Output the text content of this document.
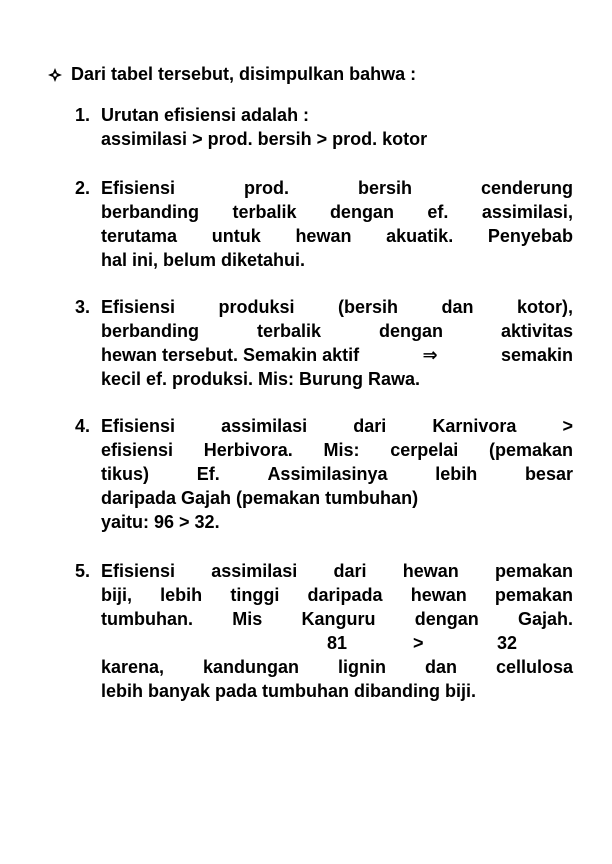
Dari tabel tersebut, disimpulkan bahwa :
1. Urutan efisiensi adalah :
assimilasi > prod. bersih > prod. kotor
2. Efisiensi	prod.	bersih	cenderung
berbanding terbalik dengan ef. assimilasi,
terutama untuk hewan akuatik. Penyebab
hal ini, belum diketahui.
3. Efisiensi produksi (bersih dan kotor),
berbanding	terbalik	dengan	aktivitas
hewan tersebut. Semakin aktif	⇒	semakin
kecil ef. produksi. Mis: Burung Rawa.
4. Efisiensi	assimilasi	dari	Karnivora	>
efisiensi Herbivora. Mis: cerpelai (pemakan
tikus)	Ef.	Assimilasinya	lebih	besar
daripada Gajah (pemakan tumbuhan)
yaitu: 96 > 32.
5. Efisiensi assimilasi dari hewan pemakan
biji, lebih tinggi daripada hewan pemakan
tumbuhan. Mis Kanguru dengan Gajah.
81	>	32
karena, kandungan lignin dan cellulosa
lebih banyak pada tumbuhan dibanding biji.
